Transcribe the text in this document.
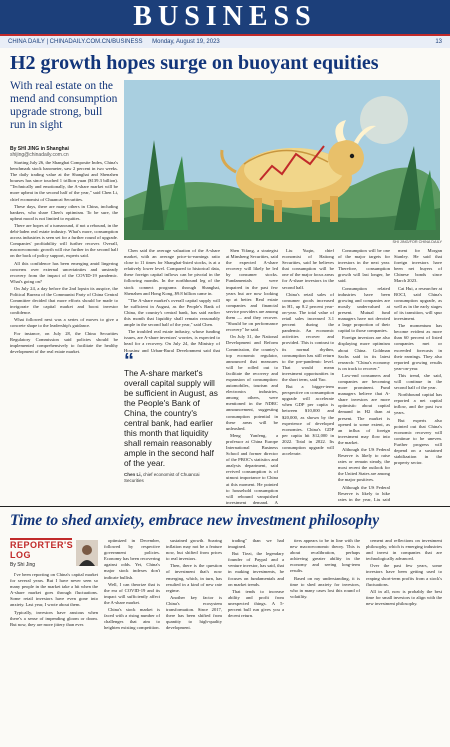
BUSINESS
CHINA DAILY | CHINADAILY.COM.CN/BUSINESS Monday, August 19, 2023	13
H2 growth hopes surge on buoyant equities
With real estate on the mend and consumption upgrade strong, bull run in sight
By SHI JING in Shanghai
shijing@chinadaily.com.cn

Starting July 26, the Shanghai Composite Index, China's benchmark stock barometer, saw 2 percent in two weeks. The daily trading value at the Shanghai and Shenzhen bourses has since touched 1 trillion yuan ($139.3 billion). "Technically and emotionally, the A-share market will be more upbeat in the second half of the year," said Chen Li, chief economist of Chuancai Securities.

These days, there are many others in China, including bankers, who share Chen's optimism. To be sure, the upbeat mood is not limited to equities.

There are hopes of a turnaround, if not a rebound, in the debt-laden real estate industry. What's more, consumption across industries is seen set for a further round of upgrade. Companies' profitability will further recover. Overall, macroeconomic growth will rise further in the second half on the back of policy support, experts said.

All this confidence has been emerging amid lingering concerns over external uncertainties and unsteady recovery from the impact of the COVID-19 pandemic. What's going on?

On July 24, a day before the 2nd lopsin its auspice, the Political Bureau of the Communist Party of China Central Committee decided that more efforts should be made to invigorate the capital market and boost investor confidence.

What followed next was a series of moves to give a concrete shape to the leadership's guidance.

For instance, on July 28, the China Securities Regulatory Commission said policies should be implemented comprehensively to facilitate the healthy development of the real estate market.

SHI JING/FOR CHINA DAILY

Chen said the average valuation of the A-share market, with an average price-to-earnings ratio close to 11 times for Shanghai-listed stocks, is at a relatively lower level. Compared to historical data, these foreign capital inflows can be pivotal in the following months. In the northbound leg of the stock connect programs through Shanghai, Shenzhen and Hong Kong, $9.8 billion came in.

"The A-share market's overall capital supply will be sufficient in August, as the People's Bank of China, the country's central bank, has said earlier this month that liquidity shall remain reasonably ample in the second half of the year," said Chen.

The troubled real estate industry, whose funding issues, are A-share investors' worries, is expected to head for a recovery. On July 24, the Ministry of Housing and Urban-Rural Development said that

“
The A-share market's overall capital supply will be sufficient in August, as the People's Bank of China, the country's central bank, had earlier this month that liquidity shall remain reasonably ample in the second half of the year.
Chen Li, chief economist of Chuancai Securities

Shen Yifang, a strategist at Minsheng Securities, said the expected A-share recovery will likely be led by consumer stocks. Fundamentals were impaired in the past few years but are now looking up at better. Real estate companies and financial service providers are among them — and they recover. "Should be on performance recovery" he said.

On July 31, the National Development and Reform Commission, the country's top economic regulator, announced that measures will be rolled out to facilitate the recovery and expansion of consumption: automobiles, tourism and electronics industries, among others, were mentioned in the NDRC announcement, suggesting consumption potential in these areas will be unleashed.

Meng Yanfeng, a professor at China Europe International Business School and former director of the PBOC's statistics and analysis department, said revived consumption is of utmost importance to China at this moment. He pointed to household consumption will rebound vanquished investment demand. A

Liu Yuqin, chief economist of Haitong Securities, said he believes that consumption will be one of the major focus areas for A-share investors in the second half.

China's retail sales of consumer goods increased in H1, up 8.2 percent year-on-year. The total value of retail sales increased 3.1 percent during the pandemic. An economic activities recover and provided. This is contrast to its normal rhythm, consumption has still return to the pre-pandemic level. That would mean investment opportunities in the short term, said Yao.

But a bigger-term perspective on consumption upgrade will accelerate when GDP per capita is between $10,000 and $20,000, as shown by the experience of developed economies. China's GDP per capita hit $12,000 in 2022. Total in 2022. Its consumption upgrade will accelerate.

Consumption will be one of the major targets for investors in the next year. Therefore, consumption growth will last longer, he said.

Consumption related industries have been growing and companies are mostly undervalued at present. Mutual fund managers have not devoted a large proportion of their capital to those companies.

Foreign investors are also displaying more optimism about China. Goldman Sachs said in its latest research: "China's economy is on track to recover."

Low-end consumers and companies are becoming more prominent. Fund managers believe that A-share investors are more optimistic about capital demand in H2 than at present. The market is opened to some extent, as an influx of foreign investment may flow into the market.

Although the US Federal Reserve is likely to raise rates or remain steady, the most recent the outlook for the United States are among the major positives.

Although the US Federal Reserve is likely to hike rates in the year, Liu said

ment for Morgan Stanley. He said that foreign investors have been net buyers of Chinese bonds since March 2023.

Cai Hui, a researcher at BOCI, said China's consumption upgrade, as well as in the early stages of its transition, will spur investment.

The momentum has become evident as more than 60 percent of listed companies met or exceeded forecasts in their earnings. They also reported growing results year-on-year.

This trend, she said, will continue in the second half of the year.

Northbound capital has reported a net capital inflow, and the past two years.

But experts also pointed out that China's economic recovery will continue to be uneven. Further progress will depend on a sustained stabilization in the property sector.

Time to shed anxiety, embrace new investment philosophy
REPORTER'S LOG
By Shi Jing

I've been reporting on China's capital market for several years. But I have never seen so many people in the market take a hit when the A-share market goes through fluctuations. Some retail investors have even gone into anxiety. Last year, I wrote about them.

Typically, investors have anxious when there's a sense of impending gloom or doom. But now, they are more jittery than ever.

optimized in December, followed by respective government policies. Economy has been recovering against odds. Yet, China's major stock indexes don't indicate bullish.

Well, I can theorize that is the era of COVID-19 and its impact will sufficiently affect the A-share market.

China's stock market is faced with a rising number of challenges that aim to heighten existing competition.

sustained growth. Soaring inflation may not be a feature now, but shifted from prices to real investors.

Then, there is the question of investment that's now emerging, which, in turn, has resulted in a kind of new rate regime.

Another key factor is China's ecosystem transformation. Since 2017, there has been shifted from quantity to high-quality development.

trading" than we had imagined.

But Tiezi, the legendary founder of Paypal and a venture investor, has said, that in making investments, he focuses on fundamentals and on market trends.

That tends to increase ability and profit from unexpected things. A 5-percent bull run gives you a decent return.

tiers appears to be in line with the new macroeconomic theory. This is about recalibration, perhaps achieving greater ability in the economy and seeing long-term results.

Based on my understanding, it is time to shed anxiety for investors, who in many cases lost this round of volatility.

cement and reflections on investment philosophy, which is emerging industries and invest in companies that are technologically advanced.

Over the past few years, some investors have been getting used to reaping short-term profits from a stock's fluctuations.

All in all, now is probably the best time for small investors to align with the new investment philosophy.
